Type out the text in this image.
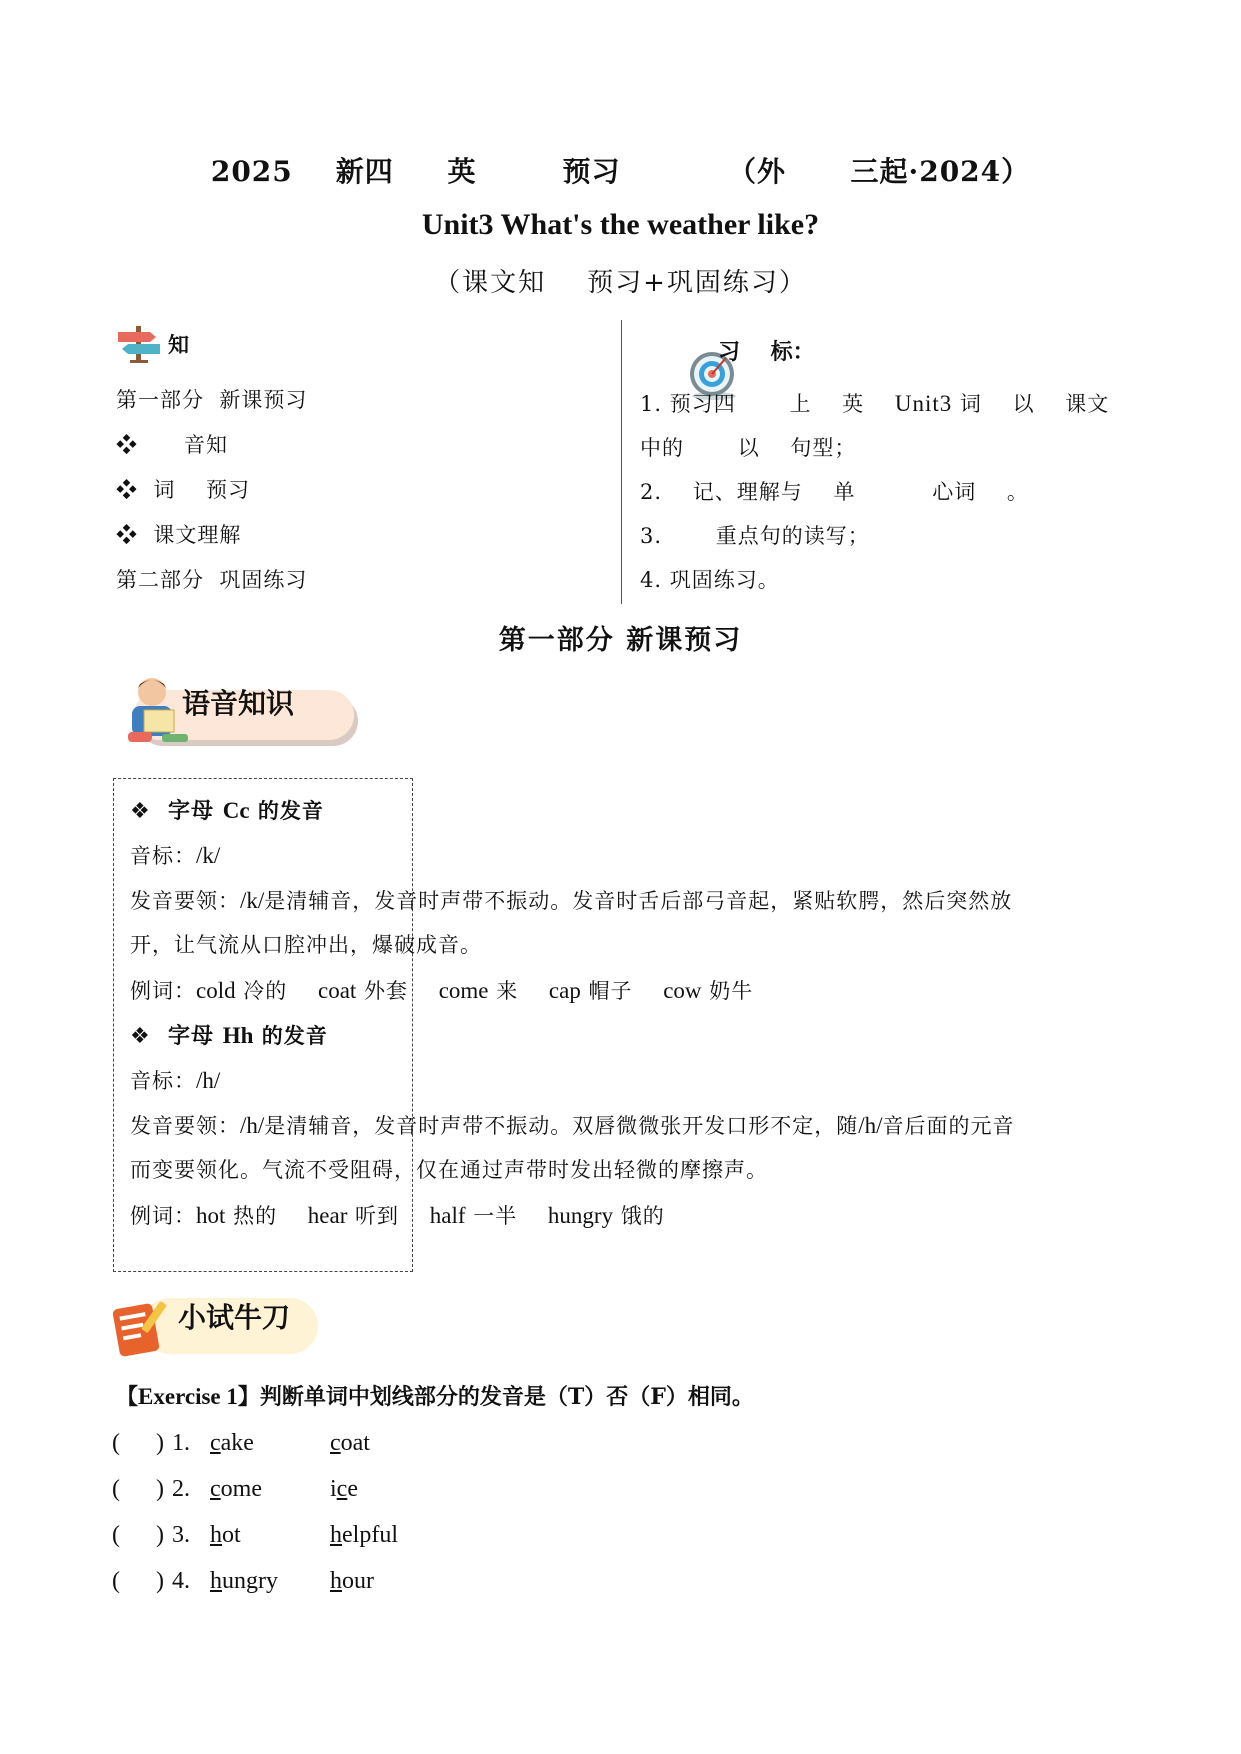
2025    新四     英        预习          （外      三起·2024）
Unit3 What's the weather like?
（课文知    预习+巩固练习）
知
第一部分  新课预习
❖      音知
❖  词    预习
❖  课文理解
第二部分  巩固练习

习    标：
1. 预习四       上    英    Unit3 词    以    课文
中的       以    句型；
2.    记、理解与    单          心词    。
3.       重点句的读写；
4. 巩固练习。
第一部分 新课预习
语音知识
❖  字母 Cc 的发音
音标：/k/
发音要领：/k/是清辅音，发音时声带不振动。发音时舌后部弓音起，紧贴软腭，然后突然放
开，让气流从口腔冲出，爆破成音。
例词：cold 冷的    coat 外套    come 来    cap 帽子    cow 奶牛
❖  字母 Hh 的发音
音标：/h/
发音要领：/h/是清辅音，发音时声带不振动。双唇微微张开发口形不定，随/h/音后面的元音
而变要领化。气流不受阻碍，仅在通过声带时发出轻微的摩擦声。
例词：hot 热的    hear 听到    half 一半    hungry 饿的
小试牛刀
【Exercise 1】判断单词中划线部分的发音是（T）否（F）相同。
(      ) 1. cake	coat
(      ) 2. come	ice
(      ) 3. hot	helpful
(      ) 4. hungry	hour
